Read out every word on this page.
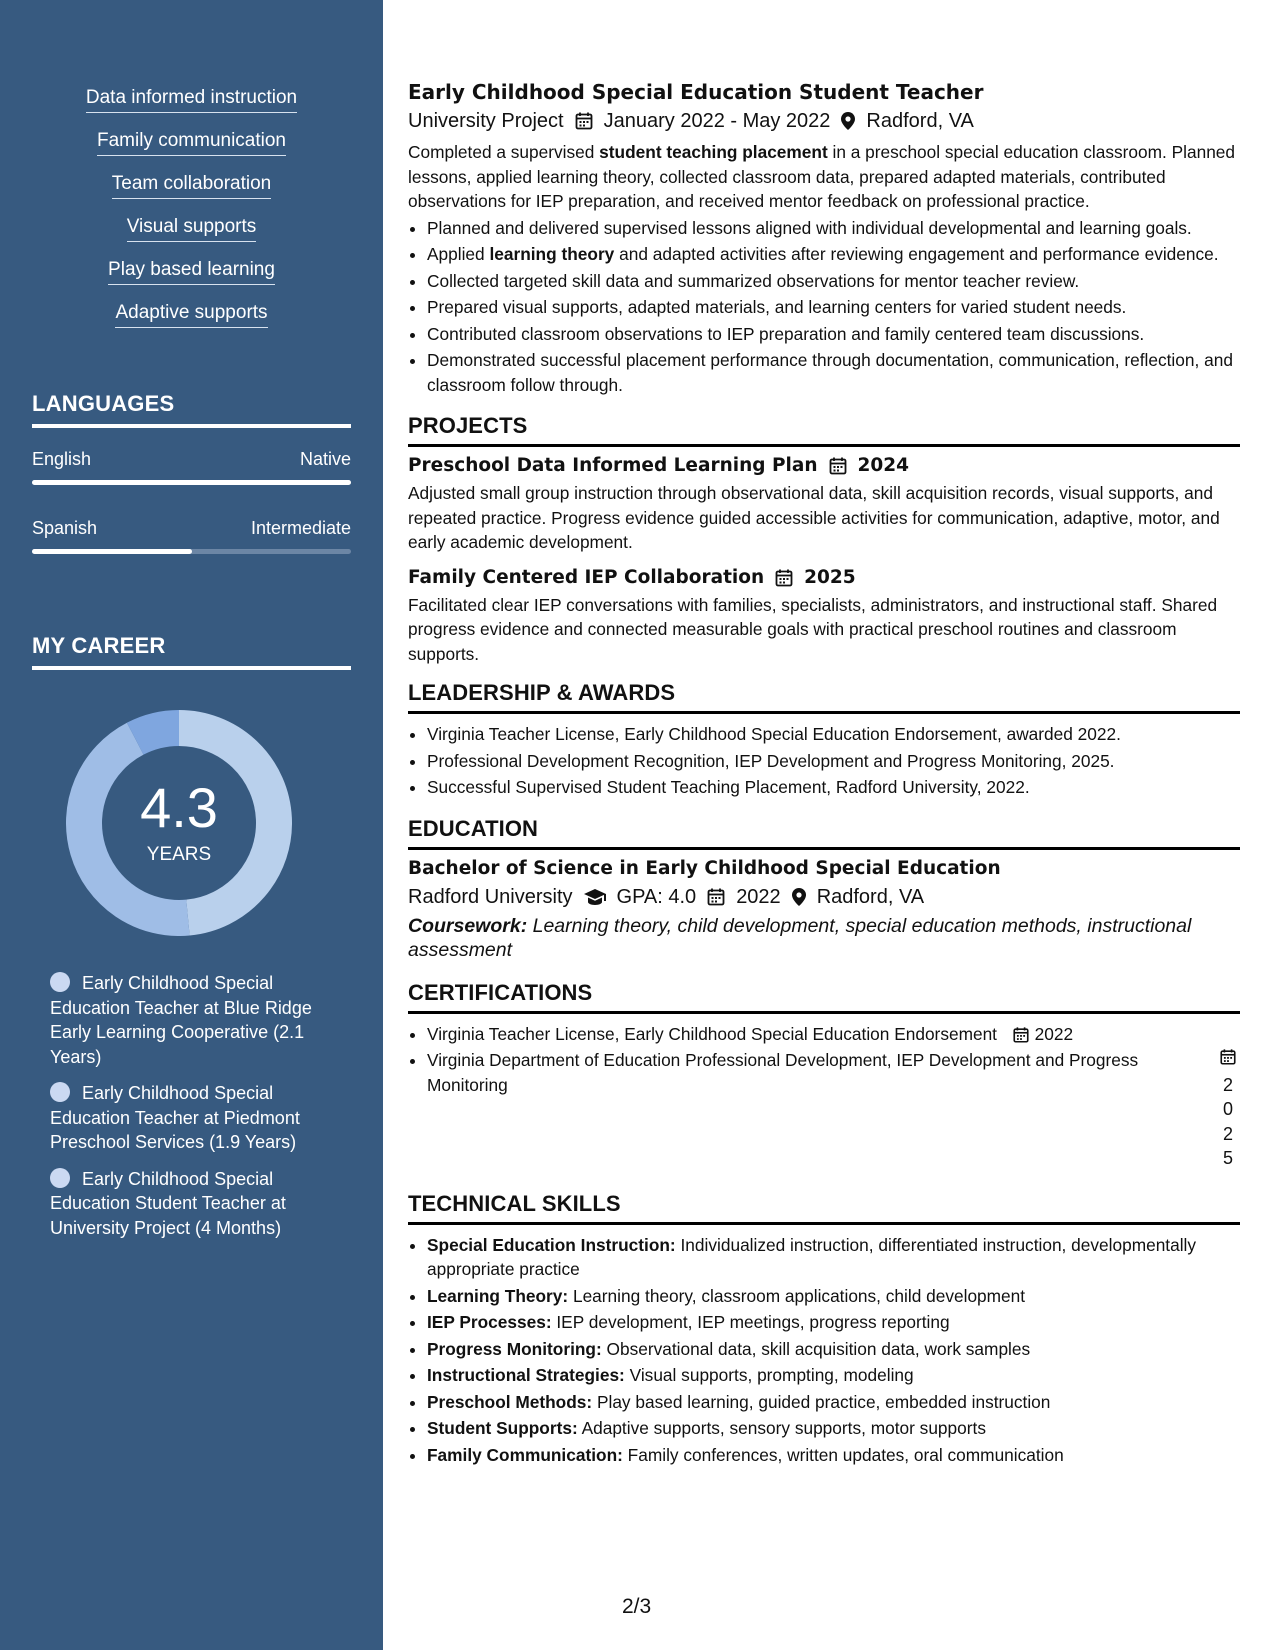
Data informed instruction
Family communication
Team collaboration
Visual supports
Play based learning
Adaptive supports
LANGUAGES
English	Native
Spanish	Intermediate
MY CAREER
4.3
YEARS
Early Childhood Special Education Teacher at Blue Ridge Early Learning Cooperative (2.1 Years)
Early Childhood Special Education Teacher at Piedmont Preschool Services (1.9 Years)
Early Childhood Special Education Student Teacher at University Project (4 Months)
Early Childhood Special Education Student Teacher
University Project January 2022 - May 2022 Radford, VA

Completed a supervised student teaching placement in a preschool special education classroom. Planned lessons, applied learning theory, collected classroom data, prepared adapted materials, contributed observations for IEP preparation, and received mentor feedback on professional practice.

• Planned and delivered supervised lessons aligned with individual developmental and learning goals.
• Applied learning theory and adapted activities after reviewing engagement and performance evidence.
• Collected targeted skill data and summarized observations for mentor teacher review.
• Prepared visual supports, adapted materials, and learning centers for varied student needs.
• Contributed classroom observations to IEP preparation and family centered team discussions.
• Demonstrated successful placement performance through documentation, communication, reflection, and classroom follow through.
PROJECTS
Preschool Data Informed Learning Plan 2024

Adjusted small group instruction through observational data, skill acquisition records, visual supports, and repeated practice. Progress evidence guided accessible activities for communication, adaptive, motor, and early academic development.

Family Centered IEP Collaboration 2025

Facilitated clear IEP conversations with families, specialists, administrators, and instructional staff. Shared progress evidence and connected measurable goals with practical preschool routines and classroom supports.

LEADERSHIP & AWARDS
• Virginia Teacher License, Early Childhood Special Education Endorsement, awarded 2022.
• Professional Development Recognition, IEP Development and Progress Monitoring, 2025.
• Successful Supervised Student Teaching Placement, Radford University, 2022.
EDUCATION
Bachelor of Science in Early Childhood Special Education
Radford University GPA: 4.0 2022 Radford, VA
Coursework: Learning theory, child development, special education methods, instructional assessment
CERTIFICATIONS
• Virginia Teacher License, Early Childhood Special Education Endorsement 2022
• Virginia Department of Education Professional Development, IEP Development and Progress Monitoring	2025
TECHNICAL SKILLS
• Special Education Instruction: Individualized instruction, differentiated instruction, developmentally appropriate practice
• Learning Theory: Learning theory, classroom applications, child development
• IEP Processes: IEP development, IEP meetings, progress reporting
• Progress Monitoring: Observational data, skill acquisition data, work samples
• Instructional Strategies: Visual supports, prompting, modeling
• Preschool Methods: Play based learning, guided practice, embedded instruction
• Student Supports: Adaptive supports, sensory supports, motor supports
• Family Communication: Family conferences, written updates, oral communication
2/3
